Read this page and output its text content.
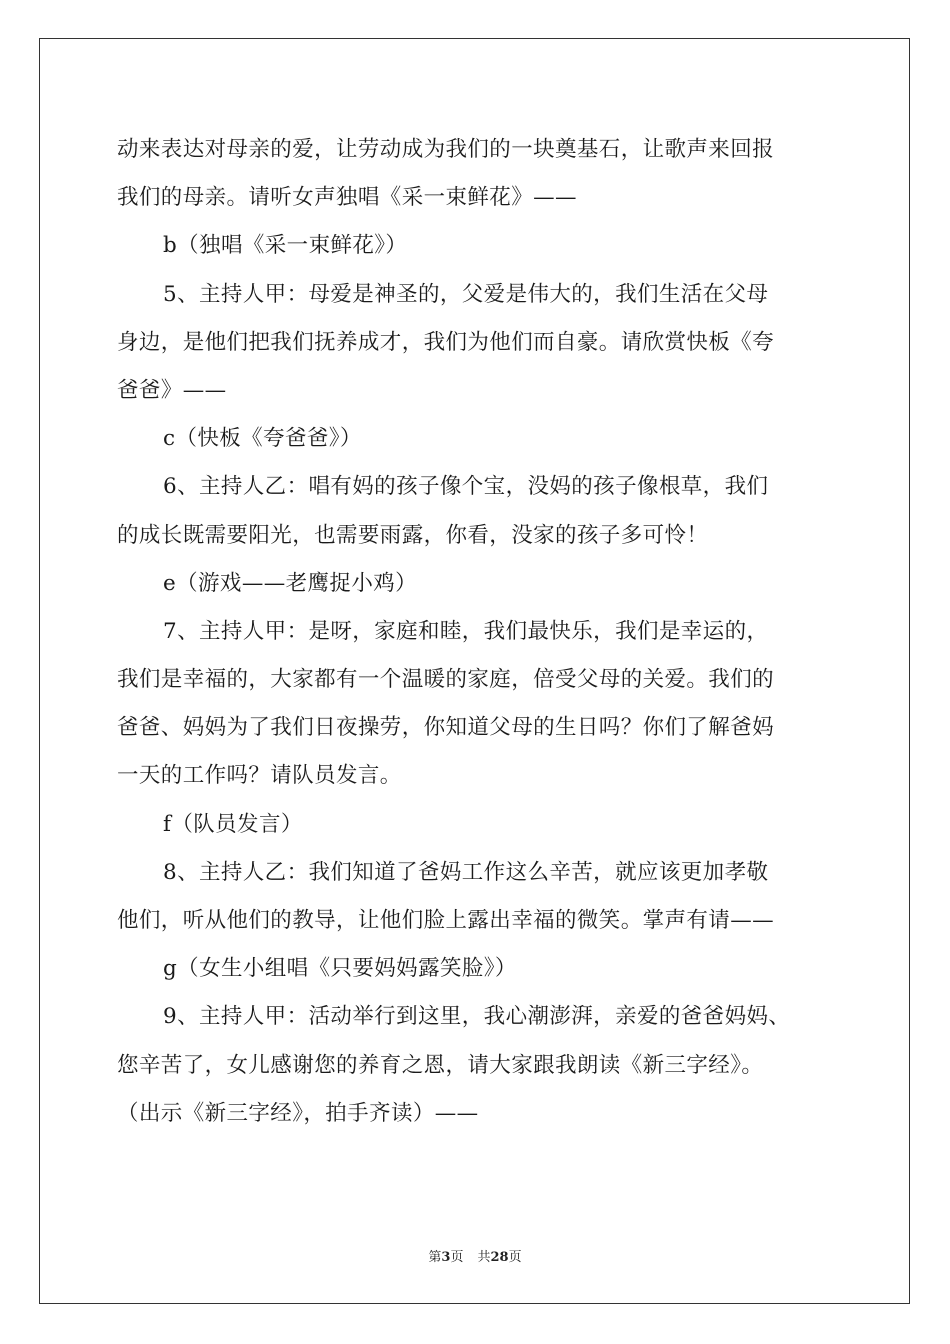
动来表达对母亲的爱，让劳动成为我们的一块奠基石，让歌声来回报
我们的母亲。请听女声独唱《采一束鲜花》——
b（独唱《采一束鲜花》）
5、主持人甲：母爱是神圣的，父爱是伟大的，我们生活在父母
身边，是他们把我们抚养成才，我们为他们而自豪。请欣赏快板《夸
爸爸》——
c（快板《夸爸爸》）
6、主持人乙：唱有妈的孩子像个宝，没妈的孩子像根草，我们
的成长既需要阳光，也需要雨露，你看，没家的孩子多可怜！
e（游戏——老鹰捉小鸡）
7、主持人甲：是呀，家庭和睦，我们最快乐，我们是幸运的，
我们是幸福的，大家都有一个温暖的家庭，倍受父母的关爱。我们的
爸爸、妈妈为了我们日夜操劳，你知道父母的生日吗？你们了解爸妈
一天的工作吗？请队员发言。
f（队员发言）
8、主持人乙：我们知道了爸妈工作这么辛苦，就应该更加孝敬
他们，听从他们的教导，让他们脸上露出幸福的微笑。掌声有请——
g（女生小组唱《只要妈妈露笑脸》）
9、主持人甲：活动举行到这里，我心潮澎湃，亲爱的爸爸妈妈、
您辛苦了，女儿感谢您的养育之恩，请大家跟我朗读《新三字经》。
（出示《新三字经》，拍手齐读）——
第3页 共28页
